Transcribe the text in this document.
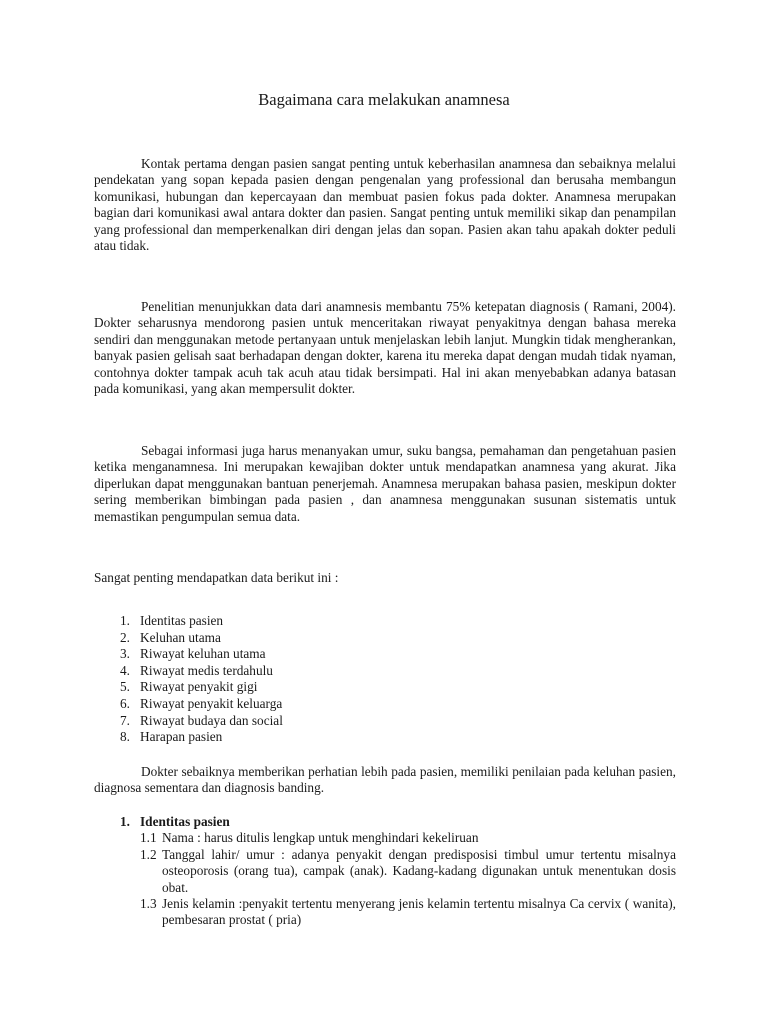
Bagaimana cara melakukan anamnesa

Kontak pertama dengan pasien sangat penting untuk keberhasilan anamnesa dan sebaiknya melalui pendekatan yang sopan kepada pasien dengan pengenalan yang professional dan berusaha membangun komunikasi, hubungan dan kepercayaan dan membuat pasien fokus pada dokter. Anamnesa merupakan bagian dari komunikasi awal antara dokter dan pasien. Sangat penting untuk memiliki sikap dan penampilan yang professional dan memperkenalkan diri dengan jelas dan sopan. Pasien akan tahu apakah dokter peduli atau tidak.

Penelitian menunjukkan data dari anamnesis membantu 75% ketepatan diagnosis ( Ramani, 2004). Dokter seharusnya mendorong pasien untuk menceritakan riwayat penyakitnya dengan bahasa mereka sendiri dan menggunakan metode pertanyaan untuk menjelaskan lebih lanjut. Mungkin tidak mengherankan, banyak pasien gelisah saat berhadapan dengan dokter, karena itu mereka dapat dengan mudah tidak nyaman, contohnya dokter tampak acuh tak acuh atau tidak bersimpati. Hal ini akan menyebabkan adanya batasan pada komunikasi, yang akan mempersulit dokter.

Sebagai informasi juga harus menanyakan umur, suku bangsa, pemahaman dan pengetahuan pasien ketika menganamnesa. Ini merupakan kewajiban dokter untuk mendapatkan anamnesa yang akurat. Jika diperlukan dapat menggunakan bantuan penerjemah. Anamnesa merupakan bahasa pasien, meskipun dokter sering memberikan bimbingan pada pasien , dan anamnesa menggunakan susunan sistematis untuk memastikan pengumpulan semua data.

Sangat penting mendapatkan data berikut ini :

1. Identitas pasien
2. Keluhan utama
3. Riwayat keluhan utama
4. Riwayat medis terdahulu
5. Riwayat penyakit gigi
6. Riwayat penyakit keluarga
7. Riwayat budaya dan social
8. Harapan pasien

Dokter sebaiknya memberikan perhatian lebih pada pasien, memiliki penilaian pada keluhan pasien, diagnosa sementara dan diagnosis banding.

1. Identitas pasien
1.1 Nama : harus ditulis lengkap untuk menghindari kekeliruan
1.2 Tanggal lahir/ umur : adanya penyakit dengan predisposisi timbul umur tertentu misalnya osteoporosis (orang tua), campak (anak). Kadang-kadang digunakan untuk menentukan dosis obat.
1.3 Jenis kelamin :penyakit tertentu menyerang jenis kelamin tertentu misalnya Ca cervix ( wanita), pembesaran prostat ( pria)
